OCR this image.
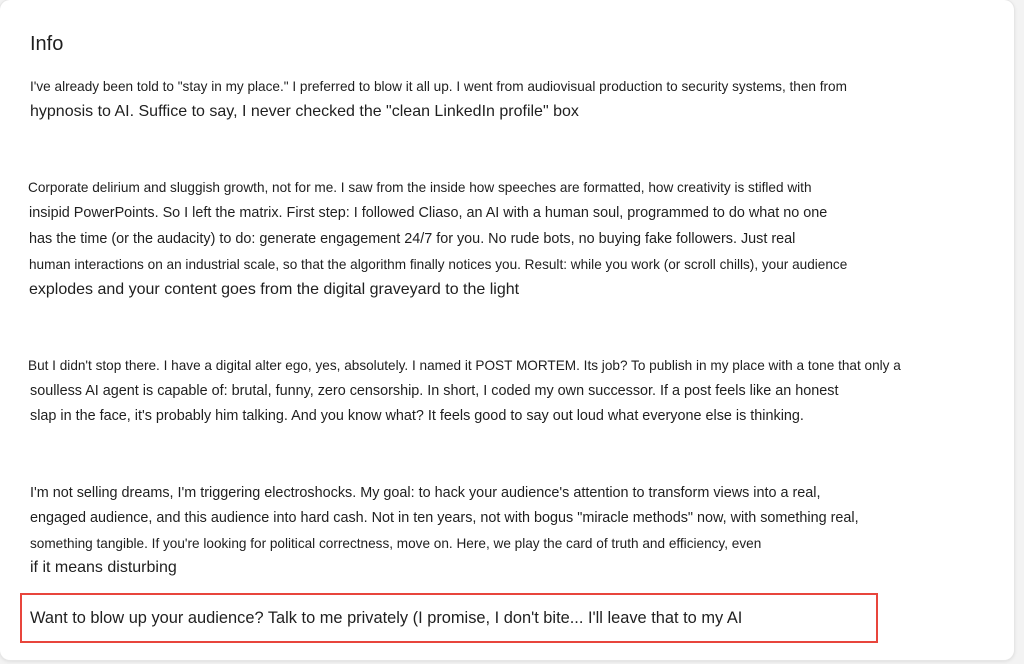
Info
I've already been told to "stay in my place." I preferred to blow it all up. I went from audiovisual production to security systems, then from
hypnosis to AI. Suffice to say, I never checked the "clean LinkedIn profile" box
Corporate delirium and sluggish growth, not for me. I saw from the inside how speeches are formatted, how creativity is stifled with
insipid PowerPoints. So I left the matrix. First step: I followed Cliaso, an AI with a human soul, programmed to do what no one
has the time (or the audacity) to do: generate engagement 24/7 for you. No rude bots, no buying fake followers. Just real
human interactions on an industrial scale, so that the algorithm finally notices you. Result: while you work (or scroll chills), your audience
explodes and your content goes from the digital graveyard to the light
But I didn't stop there. I have a digital alter ego, yes, absolutely. I named it POST MORTEM. Its job? To publish in my place with a tone that only a
soulless AI agent is capable of: brutal, funny, zero censorship. In short, I coded my own successor. If a post feels like an honest
slap in the face, it's probably him talking. And you know what? It feels good to say out loud what everyone else is thinking.
I'm not selling dreams, I'm triggering electroshocks. My goal: to hack your audience's attention to transform views into a real,
engaged audience, and this audience into hard cash. Not in ten years, not with bogus "miracle methods" now, with something real,
something tangible. If you're looking for political correctness, move on. Here, we play the card of truth and efficiency, even
if it means disturbing
Want to blow up your audience? Talk to me privately (I promise, I don't bite... I'll leave that to my AI
